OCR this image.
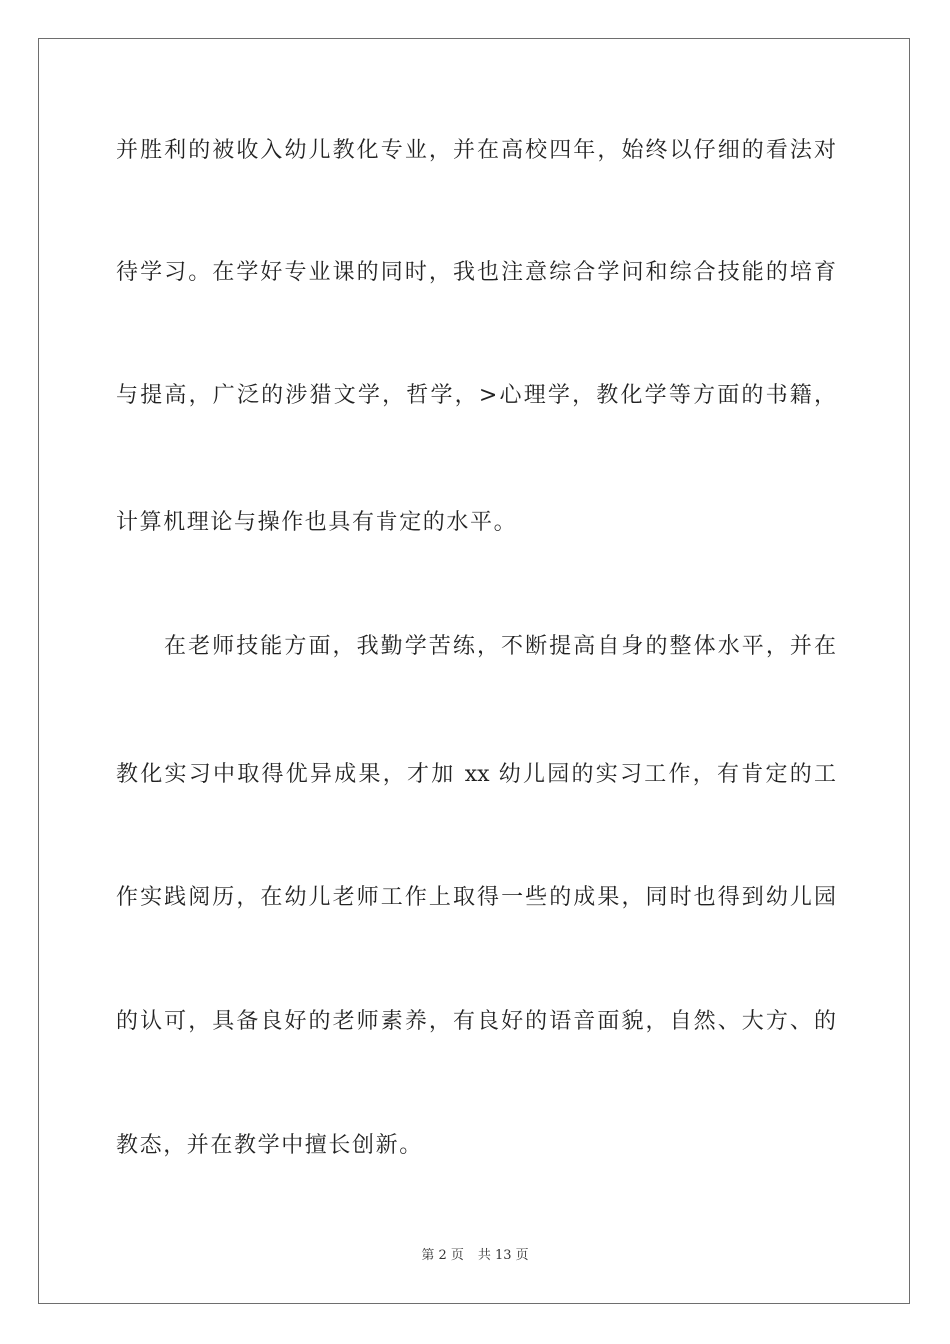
并胜利的被收入幼儿教化专业，并在高校四年，始终以仔细的看法对
待学习。在学好专业课的同时，我也注意综合学问和综合技能的培育
与提高，广泛的涉猎文学，哲学，>心理学，教化学等方面的书籍，
计算机理论与操作也具有肯定的水平。
在老师技能方面，我勤学苦练，不断提高自身的整体水平，并在
教化实习中取得优异成果，才加 xx 幼儿园的实习工作，有肯定的工
作实践阅历，在幼儿老师工作上取得一些的成果，同时也得到幼儿园
的认可，具备良好的老师素养，有良好的语音面貌，自然、大方、的
教态，并在教学中擅长创新。
第 2 页 共 13 页
